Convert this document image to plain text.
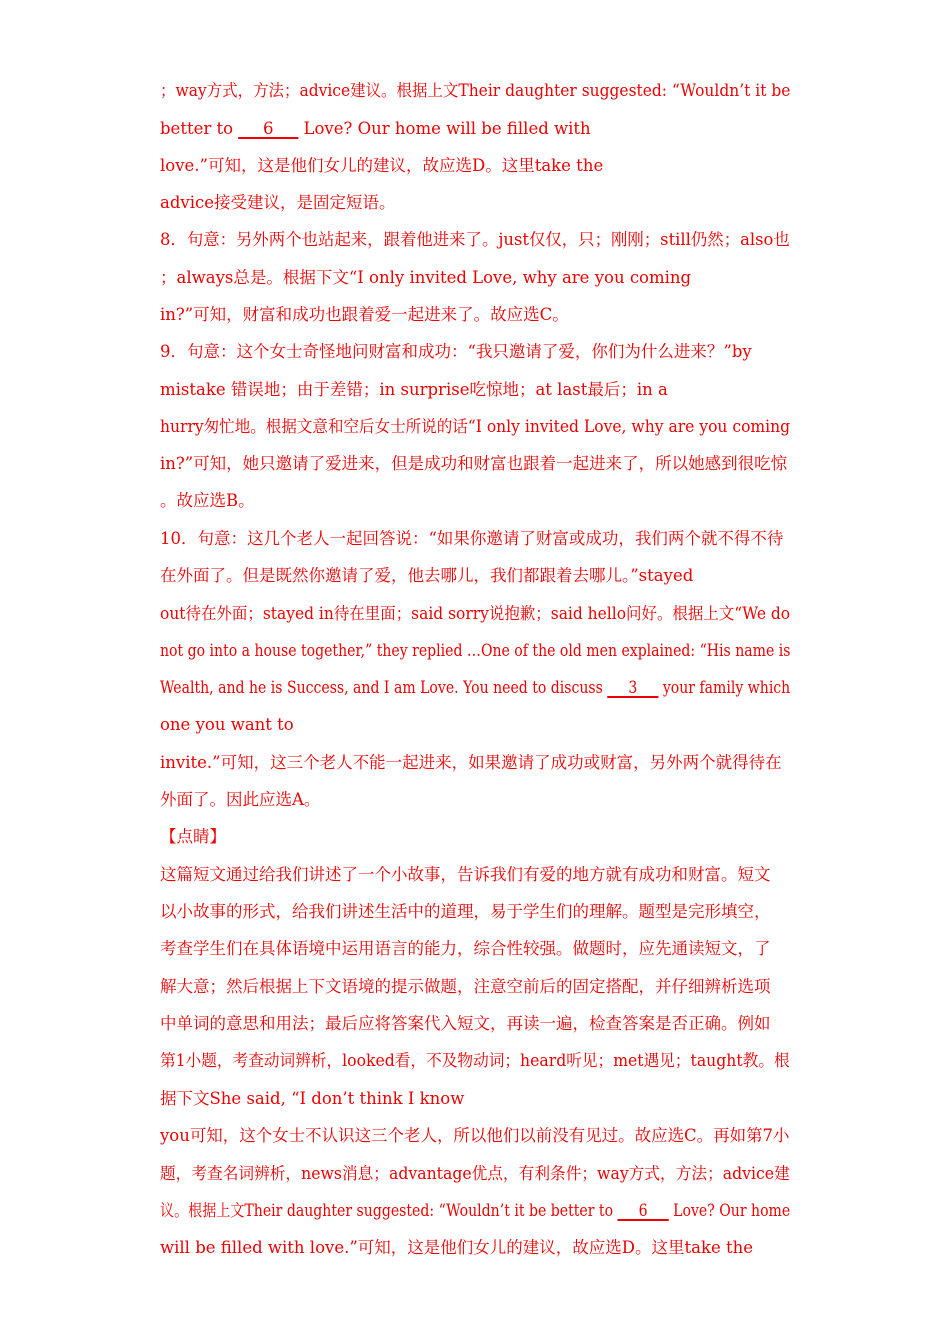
；way方式，方法；advice建议。根据上文Their daughter suggested: “Wouldn’t it be
better to ___6___ Love? Our home will be filled with
love.”可知，这是他们女儿的建议，故应选D。这里take the
advice接受建议，是固定短语。
8．句意：另外两个也站起来，跟着他进来了。just仅仅，只；刚刚；still仍然；also也
；always总是。根据下文“I only invited Love, why are you coming
in?”可知，财富和成功也跟着爱一起进来了。故应选C。
9．句意：这个女士奇怪地问财富和成功：“我只邀请了爱，你们为什么进来？”by
mistake 错误地；由于差错；in surprise吃惊地；at last最后；in a
hurry匆忙地。根据文意和空后女士所说的话“I only invited Love, why are you coming
in?”可知，她只邀请了爱进来，但是成功和财富也跟着一起进来了，所以她感到很吃惊
。故应选B。
10．句意：这几个老人一起回答说：“如果你邀请了财富或成功，我们两个就不得不待
在外面了。但是既然你邀请了爱，他去哪儿，我们都跟着去哪儿。”stayed
out待在外面；stayed in待在里面；said sorry说抱歉；said hello问好。根据上文“We do
not go into a house together,” they replied …One of the old men explained: “His name is
Wealth, and he is Success, and I am Love. You need to discuss ___3___ your family which
one you want to
invite.”可知，这三个老人不能一起进来，如果邀请了成功或财富，另外两个就得待在
外面了。因此应选A。
【点睛】
这篇短文通过给我们讲述了一个小故事，告诉我们有爱的地方就有成功和财富。短文
以小故事的形式，给我们讲述生活中的道理，易于学生们的理解。题型是完形填空，
考查学生们在具体语境中运用语言的能力，综合性较强。做题时，应先通读短文，了
解大意；然后根据上下文语境的提示做题，注意空前后的固定搭配，并仔细辨析选项
中单词的意思和用法；最后应将答案代入短文，再读一遍，检查答案是否正确。例如
第1小题，考查动词辨析，looked看，不及物动词；heard听见；met遇见；taught教。根
据下文She said, “I don’t think I know
you可知，这个女士不认识这三个老人，所以他们以前没有见过。故应选C。再如第7小
题，考查名词辨析，news消息；advantage优点，有利条件；way方式，方法；advice建
议。根据上文Their daughter suggested: “Wouldn’t it be better to ___6___ Love? Our home
will be filled with love.”可知，这是他们女儿的建议，故应选D。这里take the
